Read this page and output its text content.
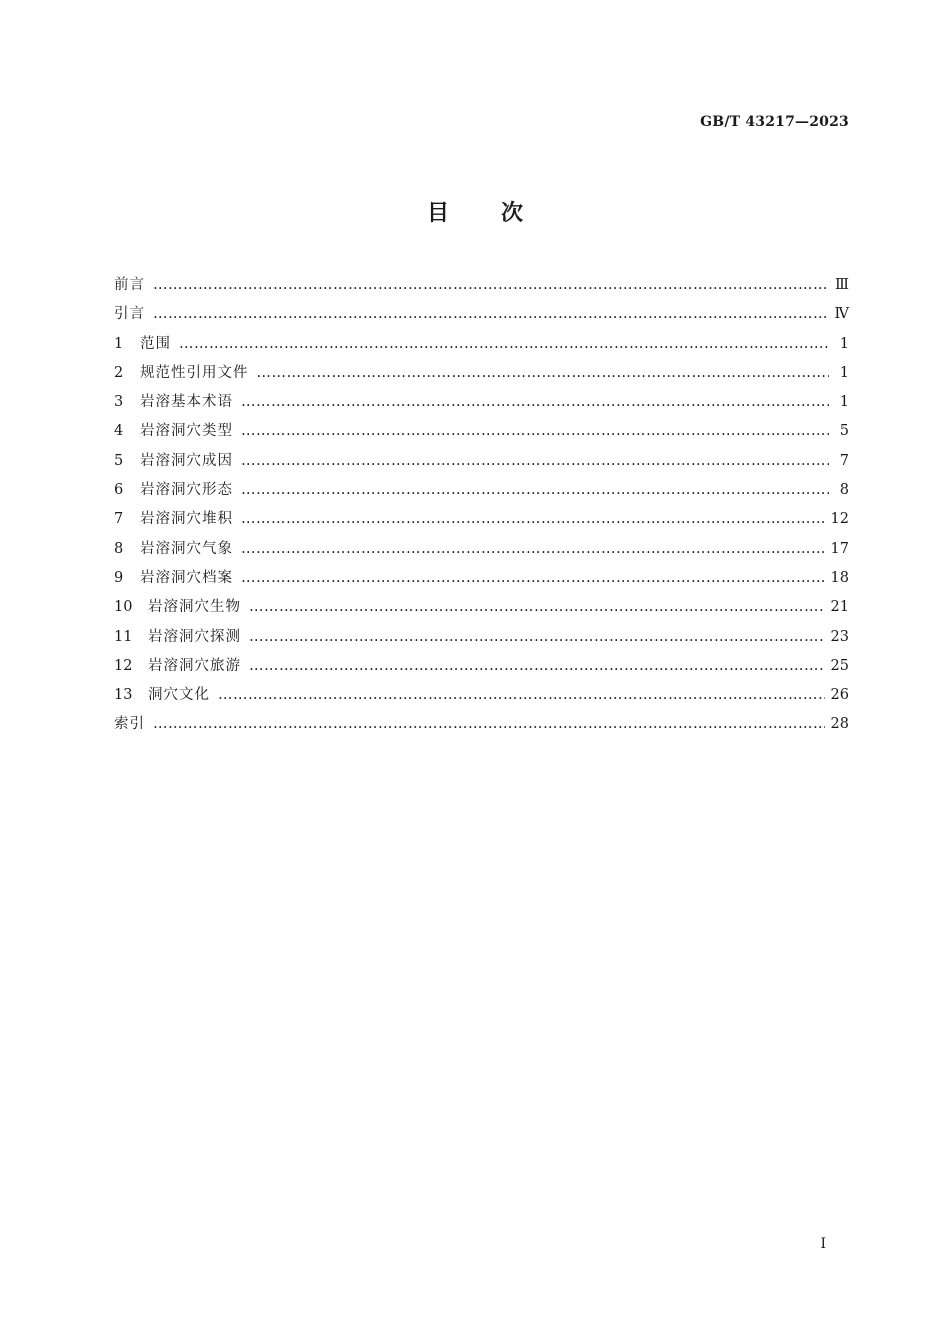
GB/T 43217—2023
目次
前言 ……………………………………………………………………………………………………………………………………………………………………………………………………	Ⅲ
引言 ……………………………………………………………………………………………………………………………………………………………………………………………………	Ⅳ
1	范围 ……………………………………………………………………………………………………………………………………………………………………………………………………	1
2	规范性引用文件 ……………………………………………………………………………………………………………………………………………………………………………………………………	1
3	岩溶基本术语 ……………………………………………………………………………………………………………………………………………………………………………………………………	1
4	岩溶洞穴类型 ……………………………………………………………………………………………………………………………………………………………………………………………………	5
5	岩溶洞穴成因 ……………………………………………………………………………………………………………………………………………………………………………………………………	7
6	岩溶洞穴形态 ……………………………………………………………………………………………………………………………………………………………………………………………………	8
7	岩溶洞穴堆积 ……………………………………………………………………………………………………………………………………………………………………………………………………	12
8	岩溶洞穴气象 ……………………………………………………………………………………………………………………………………………………………………………………………………	17
9	岩溶洞穴档案 ……………………………………………………………………………………………………………………………………………………………………………………………………	18
10	岩溶洞穴生物 ……………………………………………………………………………………………………………………………………………………………………………………………………	21
11	岩溶洞穴探测 ……………………………………………………………………………………………………………………………………………………………………………………………………	23
12	岩溶洞穴旅游 ……………………………………………………………………………………………………………………………………………………………………………………………………	25
13	洞穴文化 ……………………………………………………………………………………………………………………………………………………………………………………………………	26
索引 ……………………………………………………………………………………………………………………………………………………………………………………………………	28
Ⅰ
